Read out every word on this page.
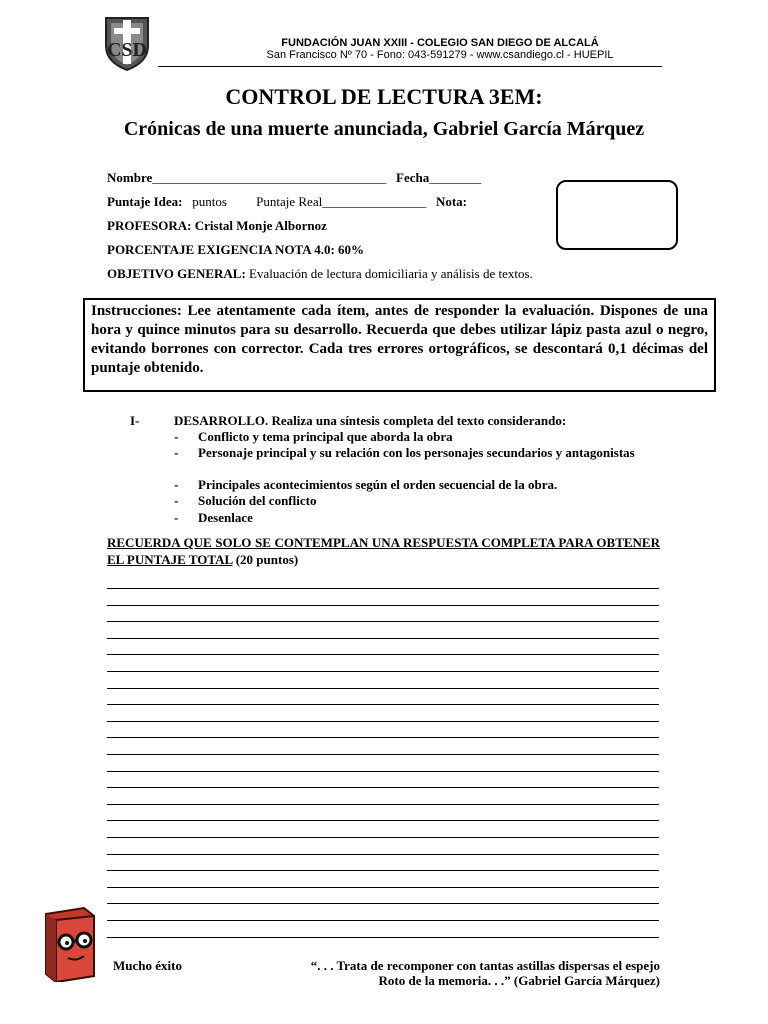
CSD	FUNDACIÓN JUAN XXIII - COLEGIO SAN DIEGO DE ALCALÁ
San Francisco Nº 70 - Fono: 043-591279 - www.csandiego.cl - HUEPIL
CONTROL DE LECTURA 3EM:
Crónicas de una muerte anunciada, Gabriel García Márquez
Nombre____________________________________ Fecha________
Puntaje Idea: puntos Puntaje Real________________ Nota:
PROFESORA: Cristal Monje Albornoz
PORCENTAJE EXIGENCIA NOTA 4.0: 60%
OBJETIVO GENERAL: Evaluación de lectura domiciliaria y análisis de textos.
Instrucciones: Lee atentamente cada ítem, antes de responder la evaluación. Dispones de una hora y quince minutos para su desarrollo. Recuerda que debes utilizar lápiz pasta azul o negro, evitando borrones con corrector. Cada tres errores ortográficos, se descontará 0,1 décimas del puntaje obtenido.
I-	DESARROLLO. Realiza una síntesis completa del texto considerando:
- Conflicto y tema principal que aborda la obra
-	Personaje principal y su relación con los personajes secundarios y antagonistas
- Principales acontecimientos según el orden secuencial de la obra.
- Solución del conflicto
- Desenlace
RECUERDA QUE SOLO SE CONTEMPLAN UNA RESPUESTA COMPLETA PARA OBTENER EL PUNTAJE TOTAL (20 puntos)
Mucho éxito	“. . . Trata de recomponer con tantas astillas dispersas el espejo
Roto de la memoria. . .” (Gabriel García Márquez)
